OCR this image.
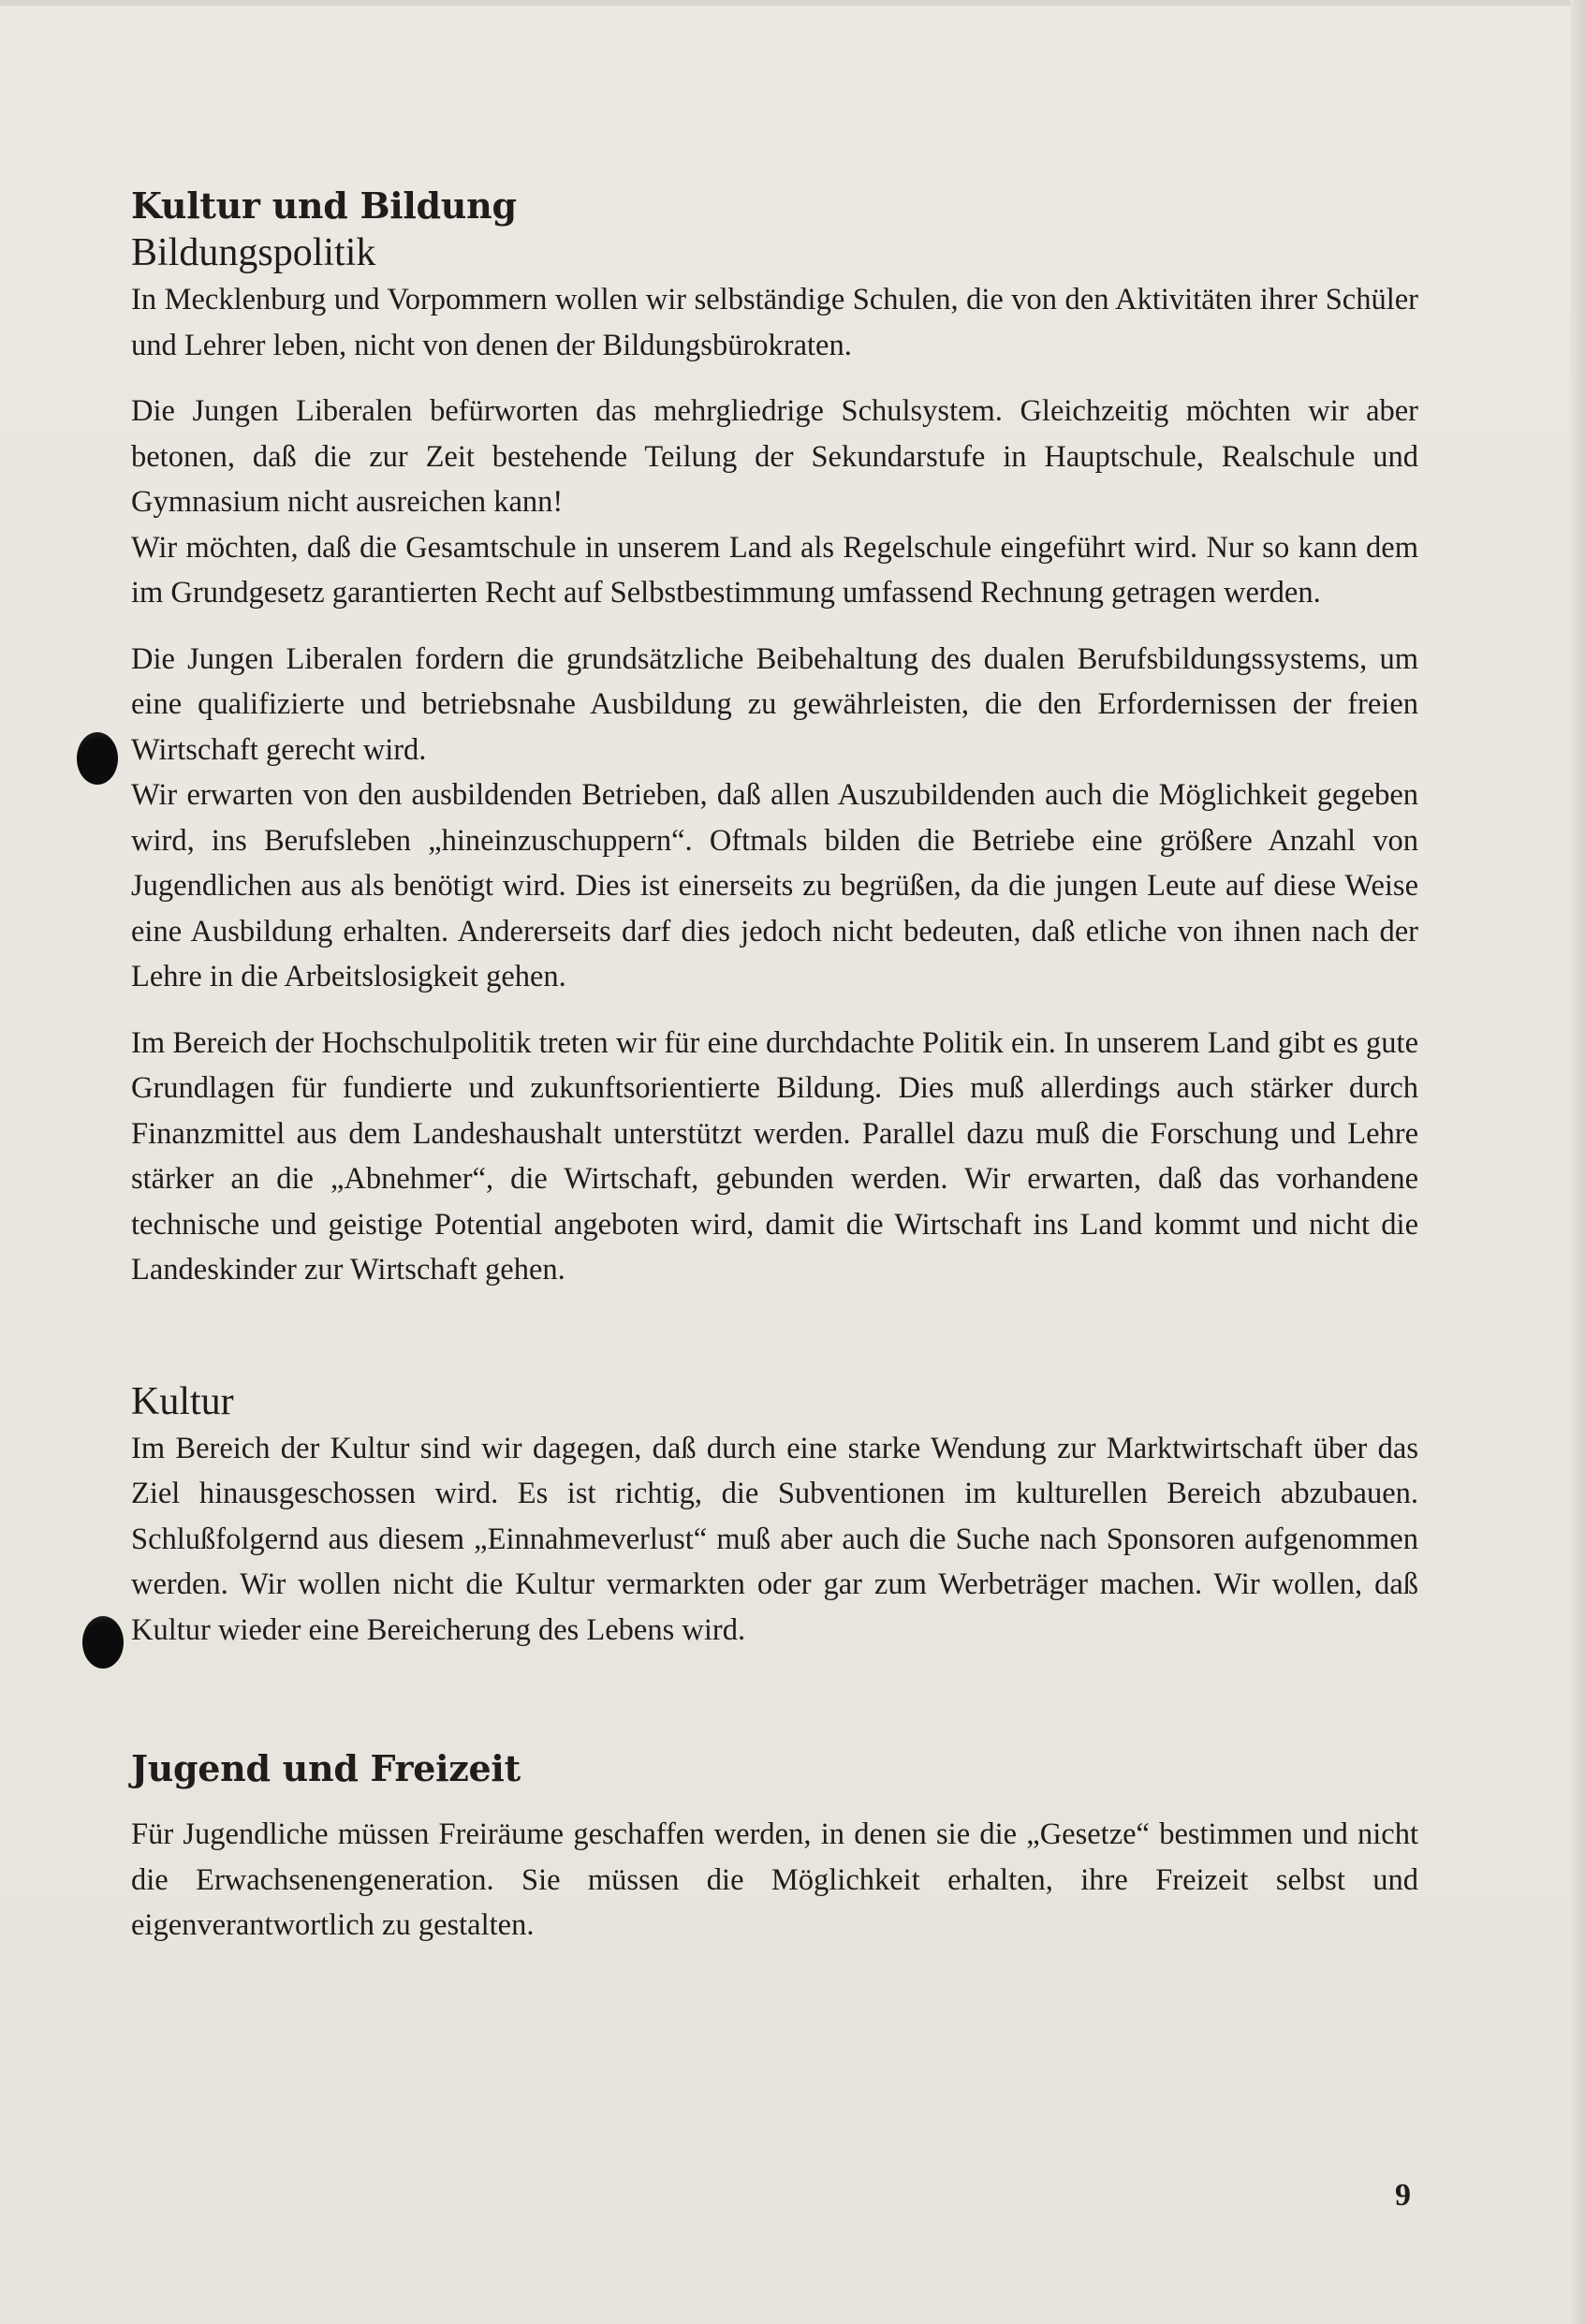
Kultur und Bildung
Bildungspolitik

In Mecklenburg und Vorpommern wollen wir selbständige Schulen, die von den Aktivitäten ihrer Schüler und Lehrer leben, nicht von denen der Bildungsbürokraten.

Die Jungen Liberalen befürworten das mehrgliedrige Schulsystem. Gleichzeitig möchten wir aber betonen, daß die zur Zeit bestehende Teilung der Sekundarstufe in Hauptschule, Realschule und Gymnasium nicht ausreichen kann!

Wir möchten, daß die Gesamtschule in unserem Land als Regelschule eingeführt wird. Nur so kann dem im Grundgesetz garantierten Recht auf Selbstbestimmung umfassend Rechnung getragen werden.

Die Jungen Liberalen fordern die grundsätzliche Beibehaltung des dualen Berufsbildungssystems, um eine qualifizierte und betriebsnahe Ausbildung zu gewährleisten, die den Erfordernissen der freien Wirtschaft gerecht wird.

Wir erwarten von den ausbildenden Betrieben, daß allen Auszubildenden auch die Möglichkeit gegeben wird, ins Berufsleben „hineinzuschuppern“. Oftmals bilden die Betriebe eine größere Anzahl von Jugendlichen aus als benötigt wird. Dies ist einerseits zu begrüßen, da die jungen Leute auf diese Weise eine Ausbildung erhalten. Andererseits darf dies jedoch nicht bedeuten, daß etliche von ihnen nach der Lehre in die Arbeitslosigkeit gehen.

Im Bereich der Hochschulpolitik treten wir für eine durchdachte Politik ein. In unserem Land gibt es gute Grundlagen für fundierte und zukunftsorientierte Bildung. Dies muß allerdings auch stärker durch Finanzmittel aus dem Landeshaushalt unterstützt werden. Parallel dazu muß die Forschung und Lehre stärker an die „Abnehmer“, die Wirtschaft, gebunden werden. Wir erwarten, daß das vorhandene technische und geistige Potential angeboten wird, damit die Wirtschaft ins Land kommt und nicht die Landeskinder zur Wirtschaft gehen.

Kultur

Im Bereich der Kultur sind wir dagegen, daß durch eine starke Wendung zur Marktwirtschaft über das Ziel hinausgeschossen wird. Es ist richtig, die Subventionen im kulturellen Bereich abzubauen. Schlußfolgernd aus diesem „Einnahmeverlust“ muß aber auch die Suche nach Sponsoren aufgenommen werden. Wir wollen nicht die Kultur vermarkten oder gar zum Werbeträger machen. Wir wollen, daß Kultur wieder eine Bereicherung des Lebens wird.

Jugend und Freizeit

Für Jugendliche müssen Freiräume geschaffen werden, in denen sie die „Gesetze“ bestimmen und nicht die Erwachsenengeneration. Sie müssen die Möglichkeit erhalten, ihre Freizeit selbst und eigenverantwortlich zu gestalten.

9
